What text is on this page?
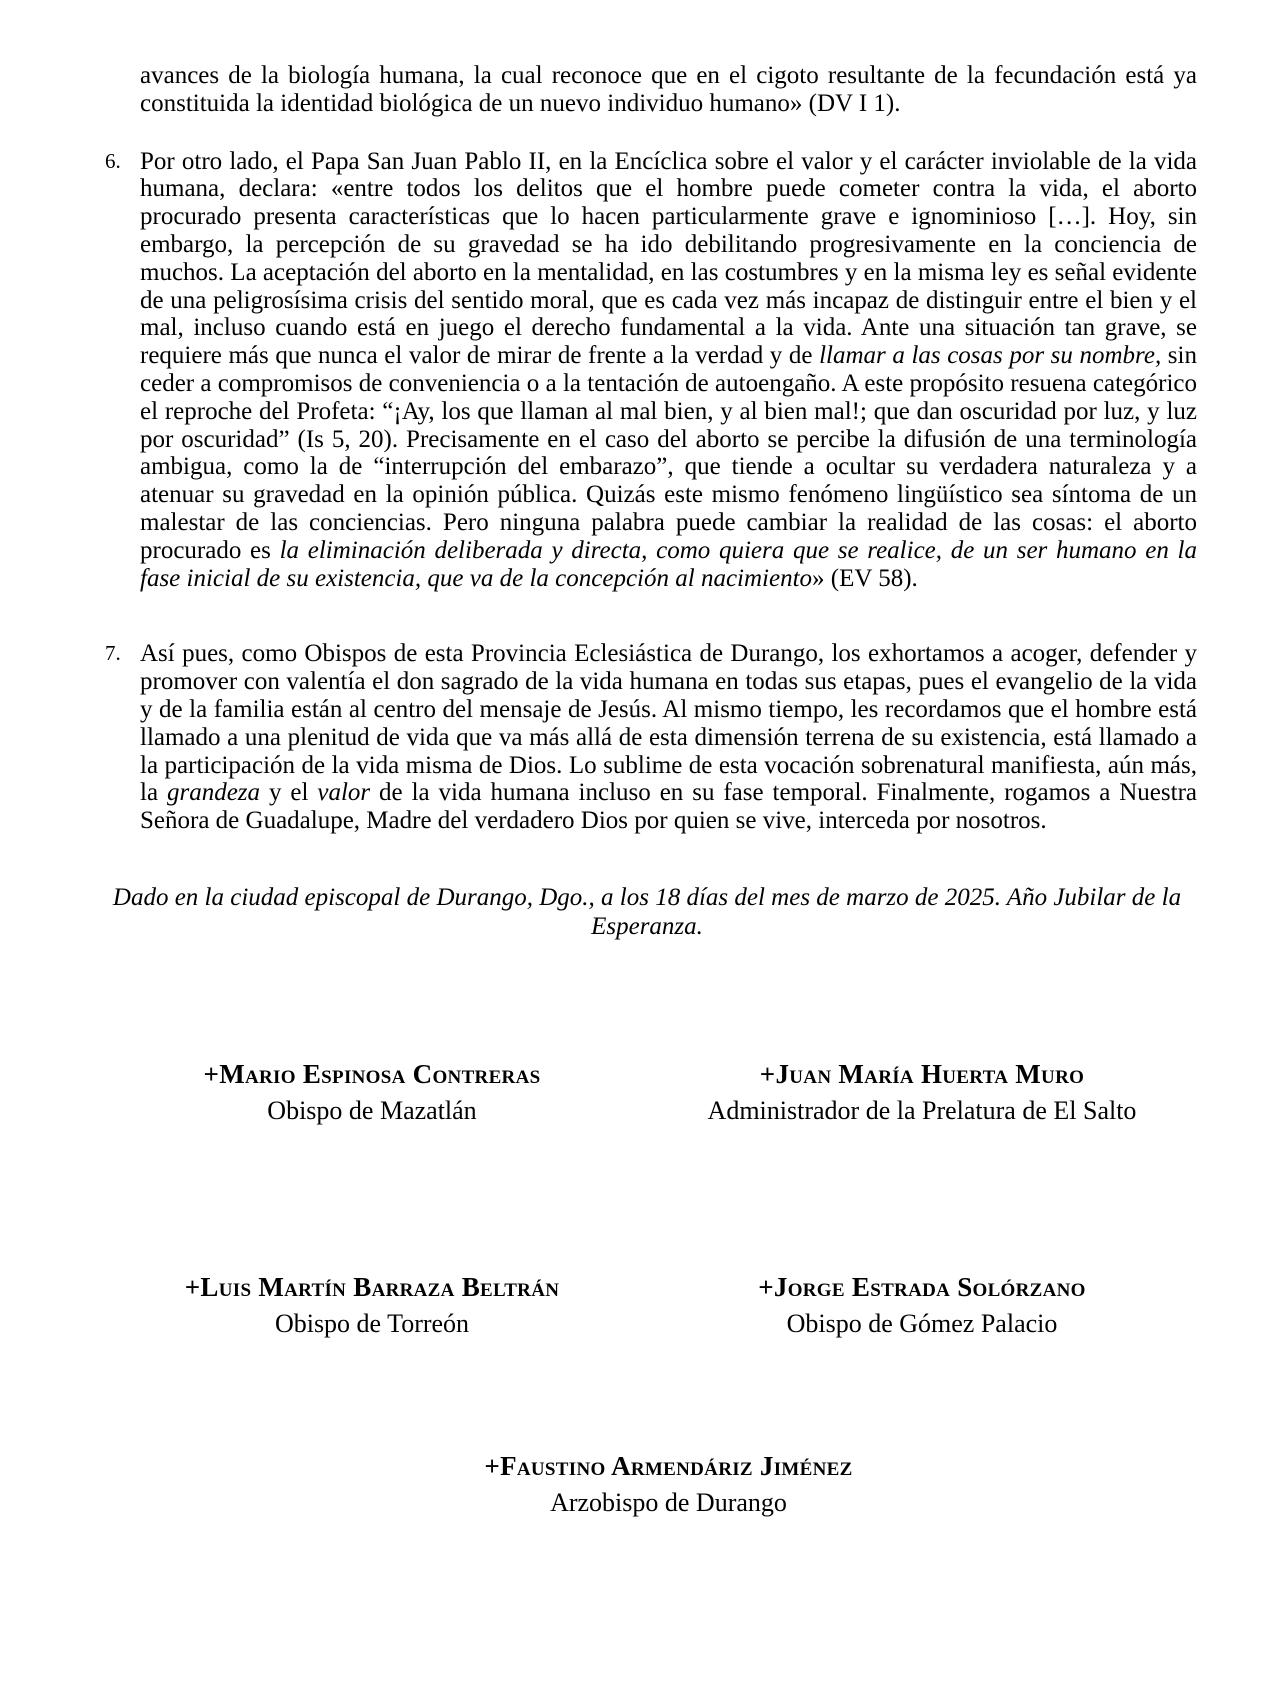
avances de la biología humana, la cual reconoce que en el cigoto resultante de la fecundación está ya constituida la identidad biológica de un nuevo individuo humano» (DV I 1).

6. Por otro lado, el Papa San Juan Pablo II, en la Encíclica sobre el valor y el carácter inviolable de la vida humana, declara: «entre todos los delitos que el hombre puede cometer contra la vida, el aborto procurado presenta características que lo hacen particularmente grave e ignominioso […]. Hoy, sin embargo, la percepción de su gravedad se ha ido debilitando progresivamente en la conciencia de muchos. La aceptación del aborto en la mentalidad, en las costumbres y en la misma ley es señal evidente de una peligrosísima crisis del sentido moral, que es cada vez más incapaz de distinguir entre el bien y el mal, incluso cuando está en juego el derecho fundamental a la vida. Ante una situación tan grave, se requiere más que nunca el valor de mirar de frente a la verdad y de llamar a las cosas por su nombre, sin ceder a compromisos de conveniencia o a la tentación de autoengaño. A este propósito resuena categórico el reproche del Profeta: “¡Ay, los que llaman al mal bien, y al bien mal!; que dan oscuridad por luz, y luz por oscuridad” (Is 5, 20). Precisamente en el caso del aborto se percibe la difusión de una terminología ambigua, como la de “interrupción del embarazo”, que tiende a ocultar su verdadera naturaleza y a atenuar su gravedad en la opinión pública. Quizás este mismo fenómeno lingüístico sea síntoma de un malestar de las conciencias. Pero ninguna palabra puede cambiar la realidad de las cosas: el aborto procurado es la eliminación deliberada y directa, como quiera que se realice, de un ser humano en la fase inicial de su existencia, que va de la concepción al nacimiento» (EV 58).
7. Así pues, como Obispos de esta Provincia Eclesiástica de Durango, los exhortamos a acoger, defender y promover con valentía el don sagrado de la vida humana en todas sus etapas, pues el evangelio de la vida y de la familia están al centro del mensaje de Jesús. Al mismo tiempo, les recordamos que el hombre está llamado a una plenitud de vida que va más allá de esta dimensión terrena de su existencia, está llamado a la participación de la vida misma de Dios. Lo sublime de esta vocación sobrenatural manifiesta, aún más, la grandeza y el valor de la vida humana incluso en su fase temporal. Finalmente, rogamos a Nuestra Señora de Guadalupe, Madre del verdadero Dios por quien se vive, interceda por nosotros.

Dado en la ciudad episcopal de Durango, Dgo., a los 18 días del mes de marzo de 2025. Año Jubilar de la Esperanza.

+Mario Espinosa Contreras
Obispo de Mazatlán
+Juan María Huerta Muro
Administrador de la Prelatura de El Salto
+Luis Martín Barraza Beltrán
Obispo de Torreón
+Jorge Estrada Solórzano
Obispo de Gómez Palacio
+Faustino Armendáriz Jiménez
Arzobispo de Durango
